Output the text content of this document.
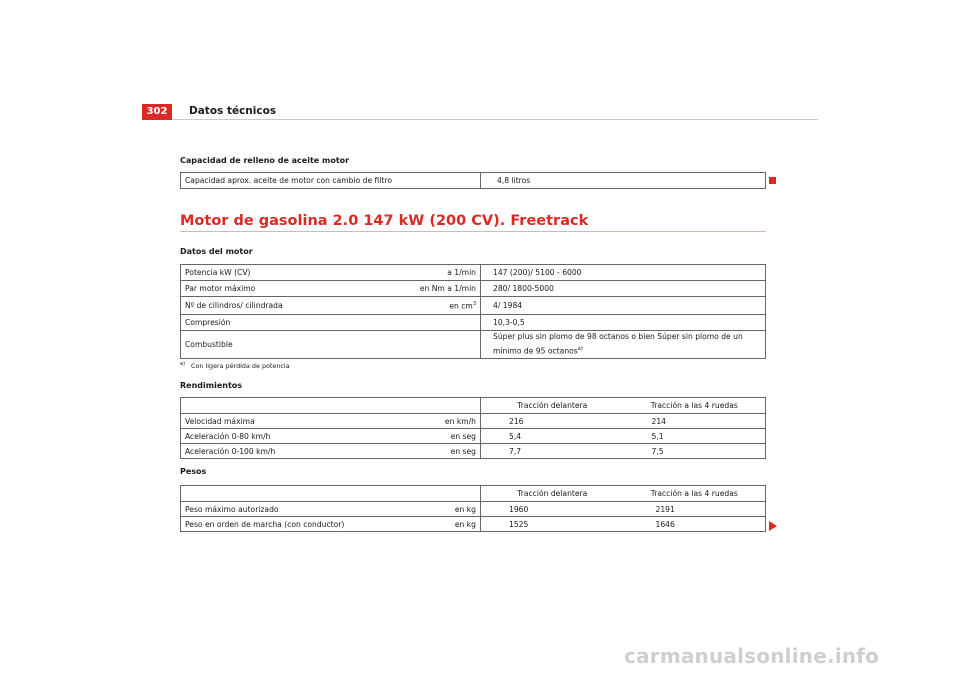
302	Datos técnicos
Capacidad de relleno de aceite motor
Capacidad aprox. aceite de motor con cambio de filtro	4,8 litros
Motor de gasolina 2.0 147 kW (200 CV). Freetrack
Datos del motor
Potencia kW (CV) a 1/min	147 (200)/ 5100 - 6000

Par motor máximo en Nm a 1/min	280/ 1800-5000

Nº de cilindros/ cilindrada en $cm^3$	4/ 1984

Compresión	10,3-0,5

Combustible	Súper plus sin plomo de 98 octanos o bien Súper sin plomo de un
mínimo de 95 octanos$^{a)}$
$^{a)}$ Con ligera pérdida de potencia
Rendimientos
	Tracción delantera	Tracción a las 4 ruedas

Velocidad máxima en km/h	216	214

Aceleración 0-80 km/h en seg	5,4	5,1

Aceleración 0-100 km/h en seg	7,7	7,5
Pesos
	Tracción delantera	Tracción a las 4 ruedas

Peso máximo autorizado en kg	1960	2191

Peso en orden de marcha (con conductor) en kg	1525	1646
carmanualsonline.info
